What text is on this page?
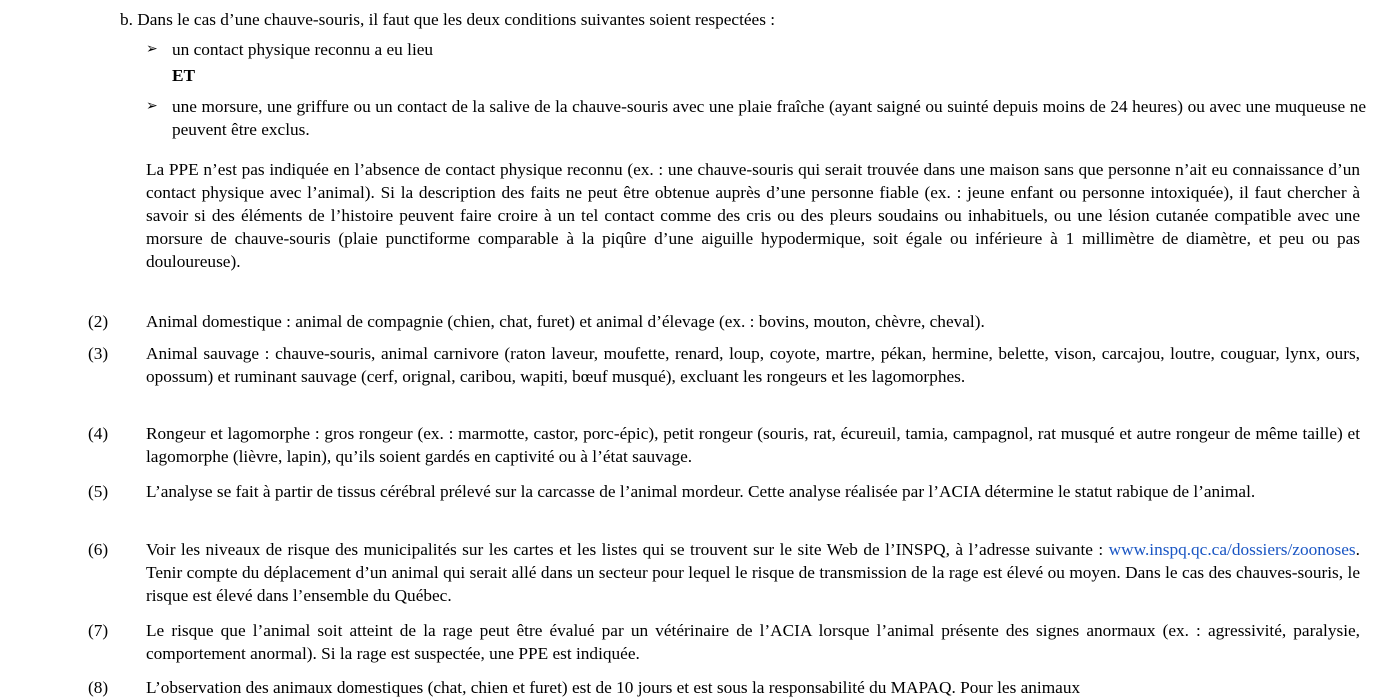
b. Dans le cas d’une chauve-souris, il faut que les deux conditions suivantes soient respectées :
➢ un contact physique reconnu a eu lieu
ET
➢ une morsure, une griffure ou un contact de la salive de la chauve-souris avec une plaie fraîche (ayant saigné ou suinté depuis moins de 24 heures) ou avec une muqueuse ne peuvent être exclus.
La PPE n’est pas indiquée en l’absence de contact physique reconnu (ex. : une chauve-souris qui serait trouvée dans une maison sans que personne n’ait eu connaissance d’un contact physique avec l’animal). Si la description des faits ne peut être obtenue auprès d’une personne fiable (ex. : jeune enfant ou personne intoxiquée), il faut chercher à savoir si des éléments de l’histoire peuvent faire croire à un tel contact comme des cris ou des pleurs soudains ou inhabituels, ou une lésion cutanée compatible avec une morsure de chauve-souris (plaie punctiforme comparable à la piqûre d’une aiguille hypodermique, soit égale ou inférieure à 1 millimètre de diamètre, et peu ou pas douloureuse).
(2) Animal domestique : animal de compagnie (chien, chat, furet) et animal d’élevage (ex. : bovins, mouton, chèvre, cheval).
(3) Animal sauvage : chauve-souris, animal carnivore (raton laveur, moufette, renard, loup, coyote, martre, pékan, hermine, belette, vison, carcajou, loutre, couguar, lynx, ours, opossum) et ruminant sauvage (cerf, orignal, caribou, wapiti, bœuf musqué), excluant les rongeurs et les lagomorphes.
(4) Rongeur et lagomorphe : gros rongeur (ex. : marmotte, castor, porc-épic), petit rongeur (souris, rat, écureuil, tamia, campagnol, rat musqué et autre rongeur de même taille) et lagomorphe (lièvre, lapin), qu’ils soient gardés en captivité ou à l’état sauvage.
(5) L’analyse se fait à partir de tissus cérébral prélevé sur la carcasse de l’animal mordeur. Cette analyse réalisée par l’ACIA détermine le statut rabique de l’animal.
(6) Voir les niveaux de risque des municipalités sur les cartes et les listes qui se trouvent sur le site Web de l’INSPQ, à l’adresse suivante : www.inspq.qc.ca/dossiers/zoonoses. Tenir compte du déplacement d’un animal qui serait allé dans un secteur pour lequel le risque de transmission de la rage est élevé ou moyen. Dans le cas des chauves-souris, le risque est élevé dans l’ensemble du Québec.
(7) Le risque que l’animal soit atteint de la rage peut être évalué par un vétérinaire de l’ACIA lorsque l’animal présente des signes anormaux (ex. : agressivité, paralysie, comportement anormal). Si la rage est suspectée, une PPE est indiquée.
(8) L’observation des animaux domestiques (chat, chien et furet) est de 10 jours et est sous la responsabilité du MAPAQ. Pour les animaux
